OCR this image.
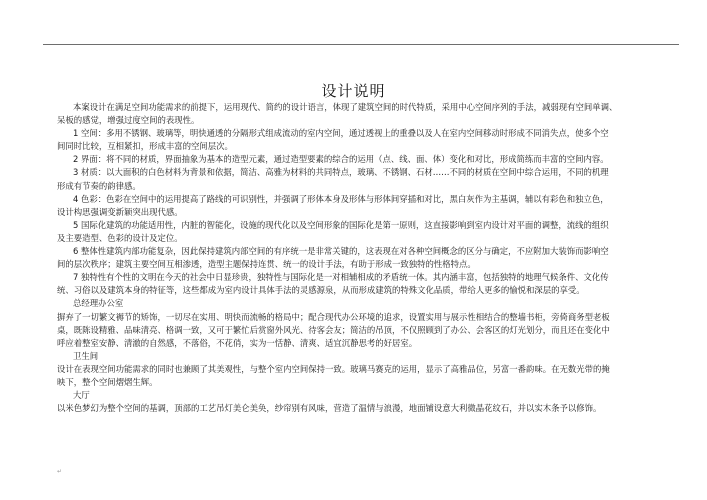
设计说明
本案设计在满足空间功能需求的前提下，运用现代、简约的设计语言，体现了建筑空间的时代特质，采用中心空间序列的手法，减弱现有空间单调、
呆板的感觉，增强过度空间的表现性。
1 空间：多用不锈钢、玻璃等，明快通透的分隔形式组成流动的室内空间，通过透视上的重叠以及人在室内空间移动时形成不同消失点，使多个空
间同时比较，互相紧扣，形成丰富的空间层次。
2 界面：将不同的材质，界面抽象为基本的造型元素，通过造型要素的综合的运用（点、线、面、体）变化和对比，形成简练而丰富的空间内容。
3 材质：以大面积的白色材料为背景和依据，简洁、高雅为材料的共同特点，玻璃、不锈钢、石材……不同的材质在空间中综合运用，不同的机理
形成有节奏的韵律感。
4 色彩：色彩在空间中的运用提高了路线的可识别性，并强调了形体本身及形体与形体间穿插和对比，黑白灰作为主基调，辅以有彩色和独立色，
设计构思强调变新颖突出现代感。
5 国际化建筑的功能适用性，内脏的智能化，设施的现代化以及空间形象的国际化是第一原则，这直接影响到室内设计对平面的调整，流线的组织
及主要造型、色彩的设计及定位。
6 整体性建筑内部功能复杂，因此保持建筑内部空间的有序统一是非常关键的，这表现在对各种空间概念的区分与确定，不应附加大装饰而影响空
间的层次秩序；建筑主要空间互相渗透，造型主题保持连贯、统一的设计手法，有助于形成一致独特的性格特点。
7 独特性有个性的文明在今天的社会中日显珍贵，独特性与国际化是一对相辅相成的矛盾统一体。其内涵丰富，包括独特的地理气候条件、文化传
统、习俗以及建筑本身的特征等，这些都成为室内设计具体手法的灵感源泉，从而形成建筑的特殊文化品质，带给人更多的愉悦和深层的享受。
总经理办公室
摒弃了一切繁文褥节的矫饰，一切尽在实用、明快而流畅的格局中；配合现代办公环境的追求，设置实用与展示性相结合的整墙书柜，旁倚商务型老板
桌，既陈设精雅、品味清亮、格调一致，又可于繁忙后赏窗外风光、待客会友；简洁的吊顶，不仅照顾到了办公、会客区的灯光划分，而且还在变化中
呼应着整室安静、清澈的自然感，不落俗，不花俏，实为一恬静、清爽、适宜沉静思考的好居室。
卫生间
设计在表现空间功能需求的同时也兼顾了其美观性，与整个室内空间保持一致。玻璃马赛克的运用，显示了高雅品位，另富一番韵味。在无数光带的掩
映下，整个空间熠熠生辉。
大厅
以米色梦幻为整个空间的基调，顶部的工艺吊灯美仑美奂，纱帘别有风味，营造了温情与浪漫，地面铺设意大利微晶花纹石，并以实木条予以修饰。
↵
